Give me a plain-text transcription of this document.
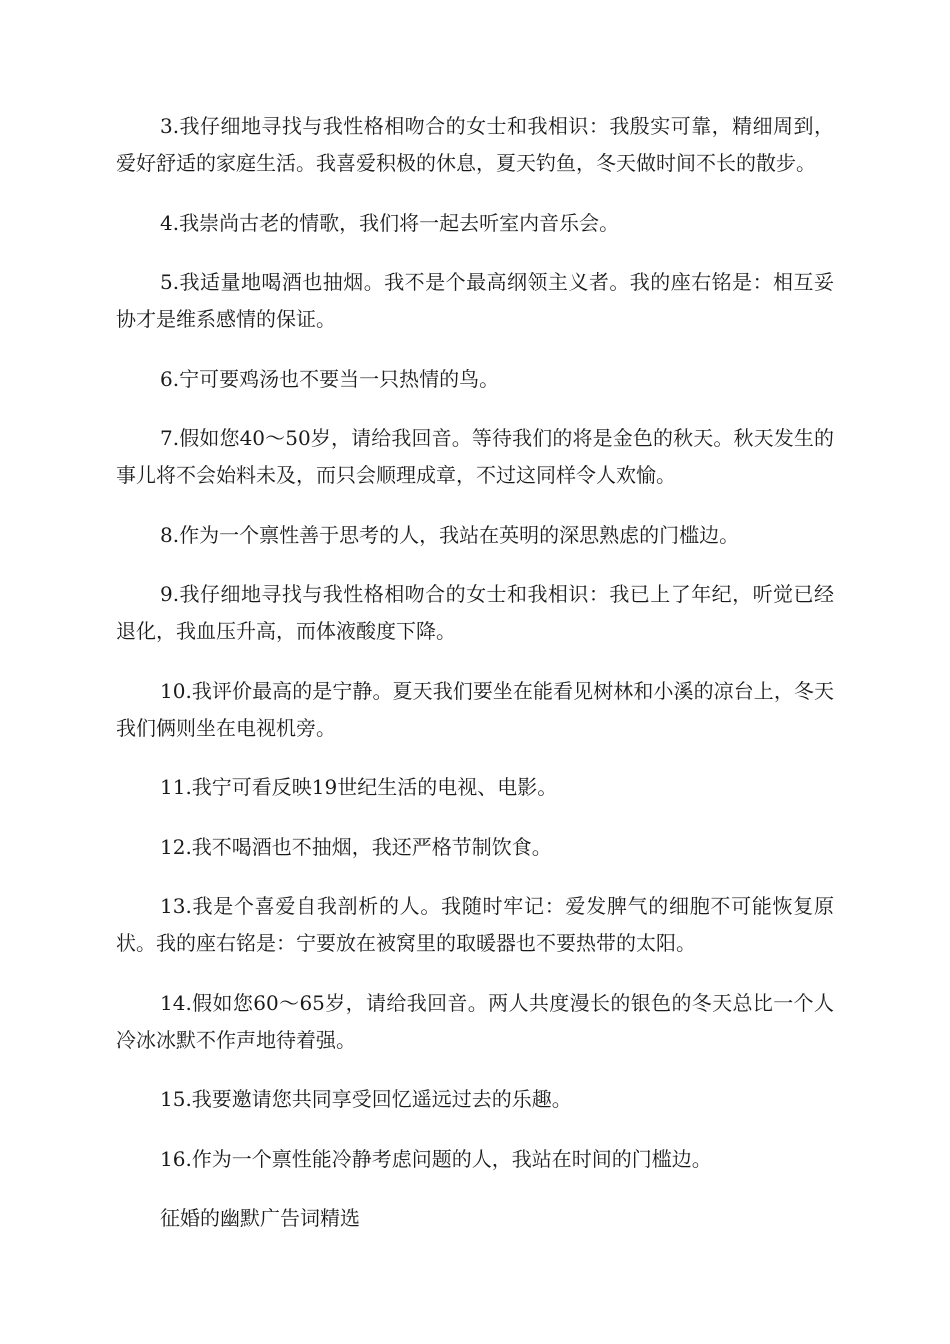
3.我仔细地寻找与我性格相吻合的女士和我相识：我殷实可靠，精细周到，爱好舒适的家庭生活。我喜爱积极的休息，夏天钓鱼，冬天做时间不长的散步。

4.我崇尚古老的情歌，我们将一起去听室内音乐会。

5.我适量地喝酒也抽烟。我不是个最高纲领主义者。我的座右铭是：相互妥协才是维系感情的保证。

6.宁可要鸡汤也不要当一只热情的鸟。

7.假如您40～50岁，请给我回音。等待我们的将是金色的秋天。秋天发生的事儿将不会始料未及，而只会顺理成章，不过这同样令人欢愉。

8.作为一个禀性善于思考的人，我站在英明的深思熟虑的门槛边。

9.我仔细地寻找与我性格相吻合的女士和我相识：我已上了年纪，听觉已经退化，我血压升高，而体液酸度下降。

10.我评价最高的是宁静。夏天我们要坐在能看见树林和小溪的凉台上，冬天我们俩则坐在电视机旁。

11.我宁可看反映19世纪生活的电视、电影。

12.我不喝酒也不抽烟，我还严格节制饮食。

13.我是个喜爱自我剖析的人。我随时牢记：爱发脾气的细胞不可能恢复原状。我的座右铭是：宁要放在被窝里的取暖器也不要热带的太阳。

14.假如您60～65岁，请给我回音。两人共度漫长的银色的冬天总比一个人冷冰冰默不作声地待着强。

15.我要邀请您共同享受回忆遥远过去的乐趣。

16.作为一个禀性能冷静考虑问题的人，我站在时间的门槛边。

征婚的幽默广告词精选
